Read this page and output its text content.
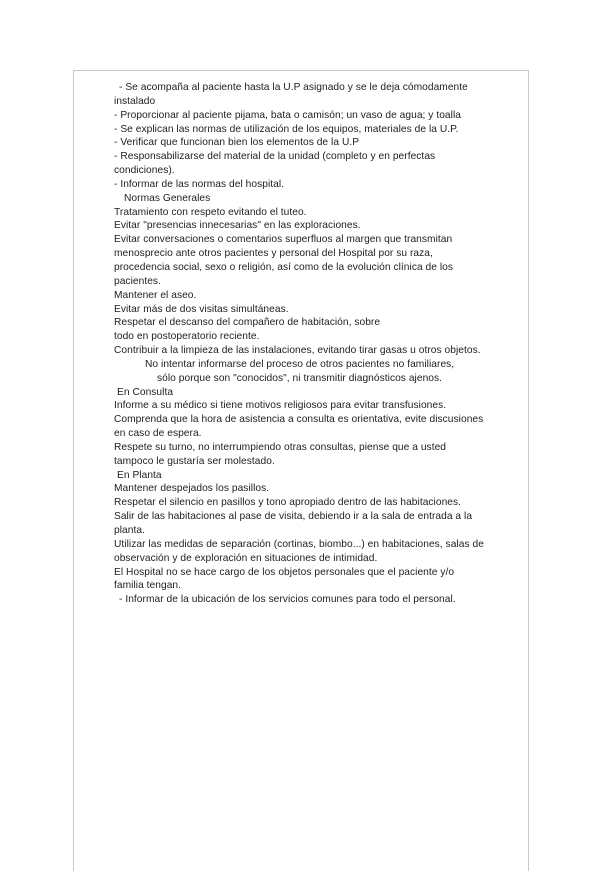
- Se acompaña al paciente hasta la U.P asignado y se le deja cómodamente
instalado
- Proporcionar al paciente pijama, bata o camisón; un vaso de agua; y toalla
- Se explican las normas de utilización de los equipos, materiales de la U.P.
- Verificar que funcionan bien los elementos de la U.P
- Responsabilizarse del material de la unidad (completo y en perfectas
condiciones).
- Informar de las normas del hospital.
Normas Generales
Tratamiento con respeto evitando el tuteo.
Evitar "presencias innecesarias" en las exploraciones.
Evitar conversaciones o comentarios superfluos al margen que transmitan
menosprecio ante otros pacientes y personal del Hospital por su raza,
procedencia social, sexo o religión, así como de la evolución clínica de los
pacientes.
Mantener el aseo.
Evitar más de dos visitas simultáneas.
Respetar el descanso del compañero de habitación, sobre
todo en postoperatorio reciente.
Contribuir a la limpieza de las instalaciones, evitando tirar gasas u otros objetos.
No intentar informarse del proceso de otros pacientes no familiares,
sólo porque son "conocidos", ni transmitir diagnósticos ajenos.
En Consulta
Informe a su médico si tiene motivos religiosos para evitar transfusiones.
Comprenda que la hora de asistencia a consulta es orientativa, evite discusiones
en caso de espera.
Respete su turno, no interrumpiendo otras consultas, piense que a usted
tampoco le gustaría ser molestado.
En Planta
Mantener despejados los pasillos.
Respetar el silencio en pasillos y tono apropiado dentro de las habitaciones.
Salir de las habitaciones al pase de visita, debiendo ir a la sala de entrada a la
planta.
Utilizar las medidas de separación (cortinas, biombo...) en habitaciones, salas de
observación y de exploración en situaciones de intimidad.
El Hospital no se hace cargo de los objetos personales que el paciente y/o
familia tengan.
- Informar de la ubicación de los servicios comunes para todo el personal.
